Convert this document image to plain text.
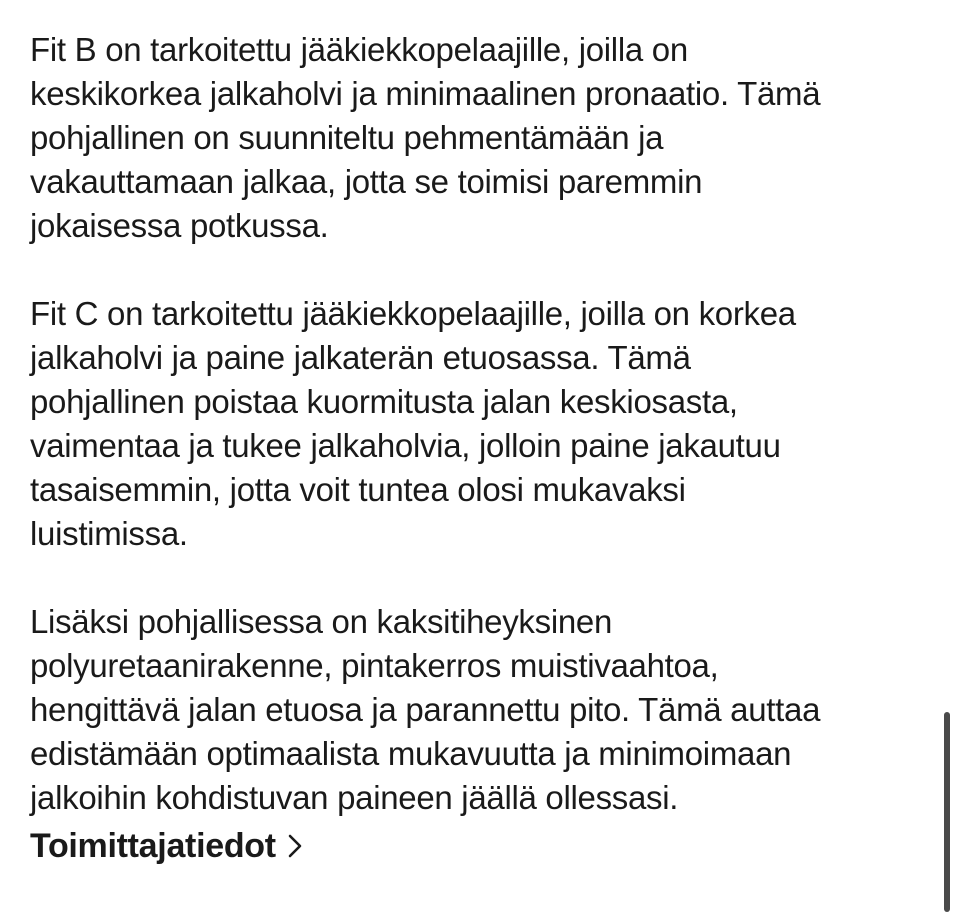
Fit B on tarkoitettu jääkiekkopelaajille, joilla on
keskikorkea jalkaholvi ja minimaalinen pronaatio. Tämä
pohjallinen on suunniteltu pehmentämään ja
vakauttamaan jalkaa, jotta se toimisi paremmin
jokaisessa potkussa.

Fit C on tarkoitettu jääkiekkopelaajille, joilla on korkea
jalkaholvi ja paine jalkaterän etuosassa. Tämä
pohjallinen poistaa kuormitusta jalan keskiosasta,
vaimentaa ja tukee jalkaholvia, jolloin paine jakautuu
tasaisemmin, jotta voit tuntea olosi mukavaksi
luistimissa.

Lisäksi pohjallisessa on kaksitiheyksinen
polyuretaanirakenne, pintakerros muistivaahtoa,
hengittävä jalan etuosa ja parannettu pito. Tämä auttaa
edistämään optimaalista mukavuutta ja minimoimaan
jalkoihin kohdistuvan paineen jäällä ollessasi.

Toimittajatiedot
